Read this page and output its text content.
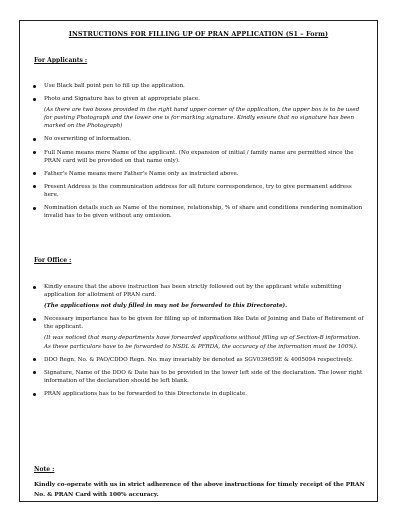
INSTRUCTIONS FOR FILLING UP OF PRAN APPLICATION (S1 – Form)
For Applicants :
Use Black ball point pen to fill up the application.
Photo and Signature has to given at appropriate place.
(As there are two boxes provided in the right hand upper corner of the application, the upper box is to be used for pasting Photograph and the lower one is for marking signature. Kindly ensure that no signature has been marked on the Photograph)
No overwriting of information.
Full Name means mere Name of the applicant. (No expansion of initial / family name are permitted since the PRAN card will be provided on that name only).
Father's Name means mere Father's Name only as instructed above.
Present Address is the communication address for all future correspondence, try to give permanent address here.
Nomination details such as Name of the nominee, relationship, % of share and conditions rendering nomination invalid has to be given without any omission.
For Office :
Kindly ensure that the above instruction has been strictly followed out by the applicant while submitting application for allotment of PRAN card.
(The applications not duly filled in may not be forwarded to this Directorate).
Necessary importance has to be given for filling up of information like Date of Joining and Date of Retirement of the applicant.
(It was noticed that many departments have forwarded applications without filling up of Section-B information. As these particulars have to be forwarded to NSDL & PFRDA, the accuracy of the information must be 100%).
DDO Regn. No. & PAO/CDDO Regn. No. may invariably be denoted as SGV039659E & 4005094 respectively.
Signature, Name of the DDO & Date has to be provided in the lower left side of the declaration. The lower right information of the declaration should be left blank.
PRAN applications has to be forwarded to this Directorate in duplicate.
Note :
Kindly co-operate with us in strict adherence of the above instructions for timely receipt of the PRAN No. & PRAN Card with 100% accuracy.
